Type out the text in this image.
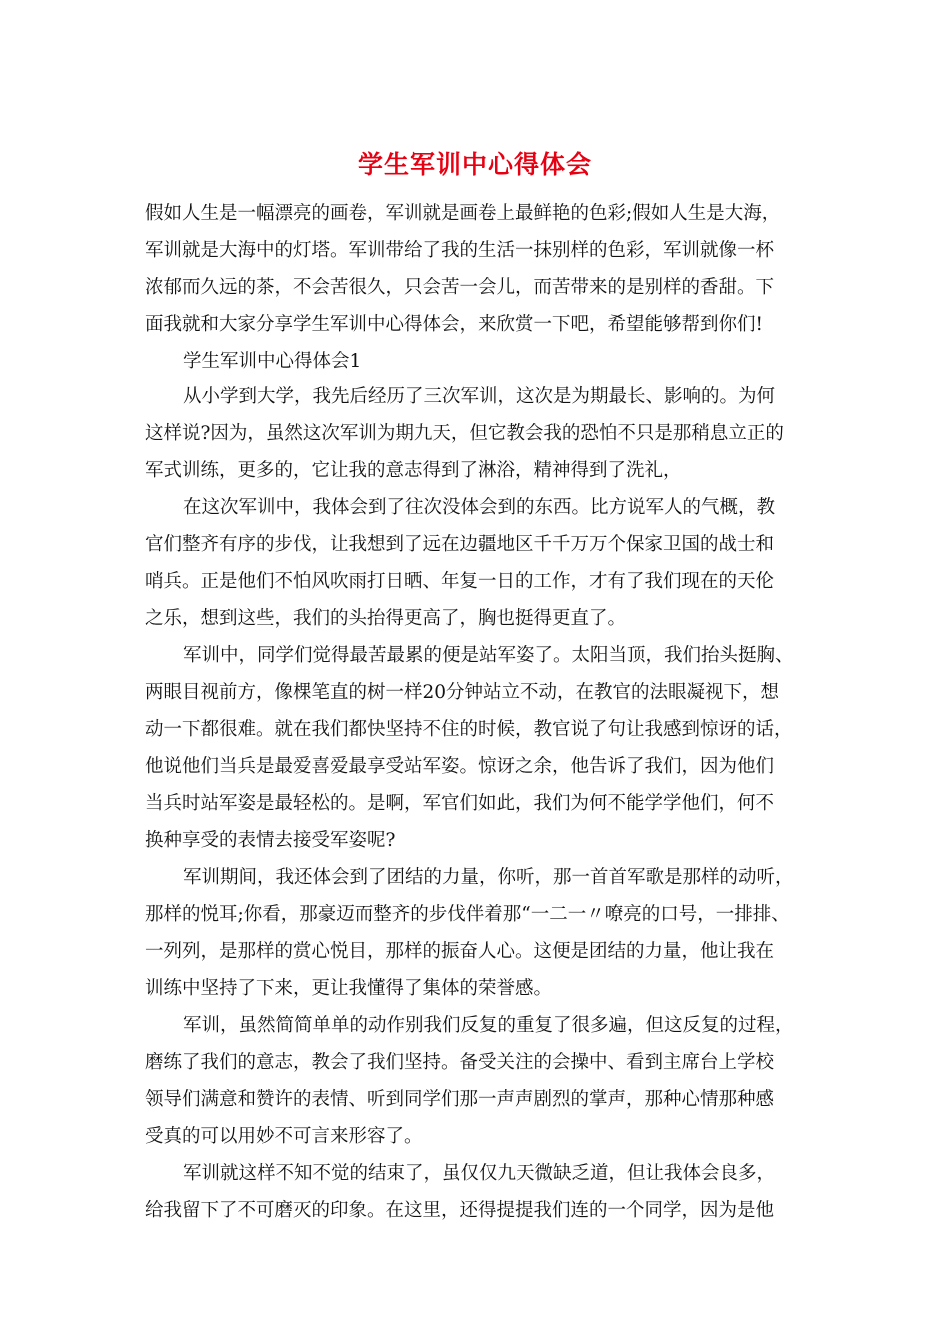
学生军训中心得体会
假如人生是一幅漂亮的画卷，军训就是画卷上最鲜艳的色彩;假如人生是大海，
军训就是大海中的灯塔。军训带给了我的生活一抹别样的色彩，军训就像一杯
浓郁而久远的茶，不会苦很久，只会苦一会儿，而苦带来的是别样的香甜。下
面我就和大家分享学生军训中心得体会，来欣赏一下吧，希望能够帮到你们!
学生军训中心得体会1
从小学到大学，我先后经历了三次军训，这次是为期最长、影响的。为何
这样说?因为，虽然这次军训为期九天，但它教会我的恐怕不只是那稍息立正的
军式训练，更多的，它让我的意志得到了淋浴，精神得到了洗礼，
在这次军训中，我体会到了往次没体会到的东西。比方说军人的气概，教
官们整齐有序的步伐，让我想到了远在边疆地区千千万万个保家卫国的战士和
哨兵。正是他们不怕风吹雨打日晒、年复一日的工作，才有了我们现在的天伦
之乐，想到这些，我们的头抬得更高了，胸也挺得更直了。
军训中，同学们觉得最苦最累的便是站军姿了。太阳当顶，我们抬头挺胸、
两眼目视前方，像棵笔直的树一样20分钟站立不动，在教官的法眼凝视下，想
动一下都很难。就在我们都快坚持不住的时候，教官说了句让我感到惊讶的话，
他说他们当兵是最爱喜爱最享受站军姿。惊讶之余，他告诉了我们，因为他们
当兵时站军姿是最轻松的。是啊，军官们如此，我们为何不能学学他们，何不
换种享受的表情去接受军姿呢?
军训期间，我还体会到了团结的力量，你听，那一首首军歌是那样的动听，
那样的悦耳;你看，那豪迈而整齐的步伐伴着那“一二一〃嘹亮的口号，一排排、
一列列，是那样的赏心悦目，那样的振奋人心。这便是团结的力量，他让我在
训练中坚持了下来，更让我懂得了集体的荣誉感。
军训，虽然简简单单的动作别我们反复的重复了很多遍，但这反复的过程，
磨练了我们的意志，教会了我们坚持。备受关注的会操中、看到主席台上学校
领导们满意和赞许的表情、听到同学们那一声声剧烈的掌声，那种心情那种感
受真的可以用妙不可言来形容了。
军训就这样不知不觉的结束了，虽仅仅九天微缺乏道，但让我体会良多，
给我留下了不可磨灭的印象。在这里，还得提提我们连的一个同学，因为是他
